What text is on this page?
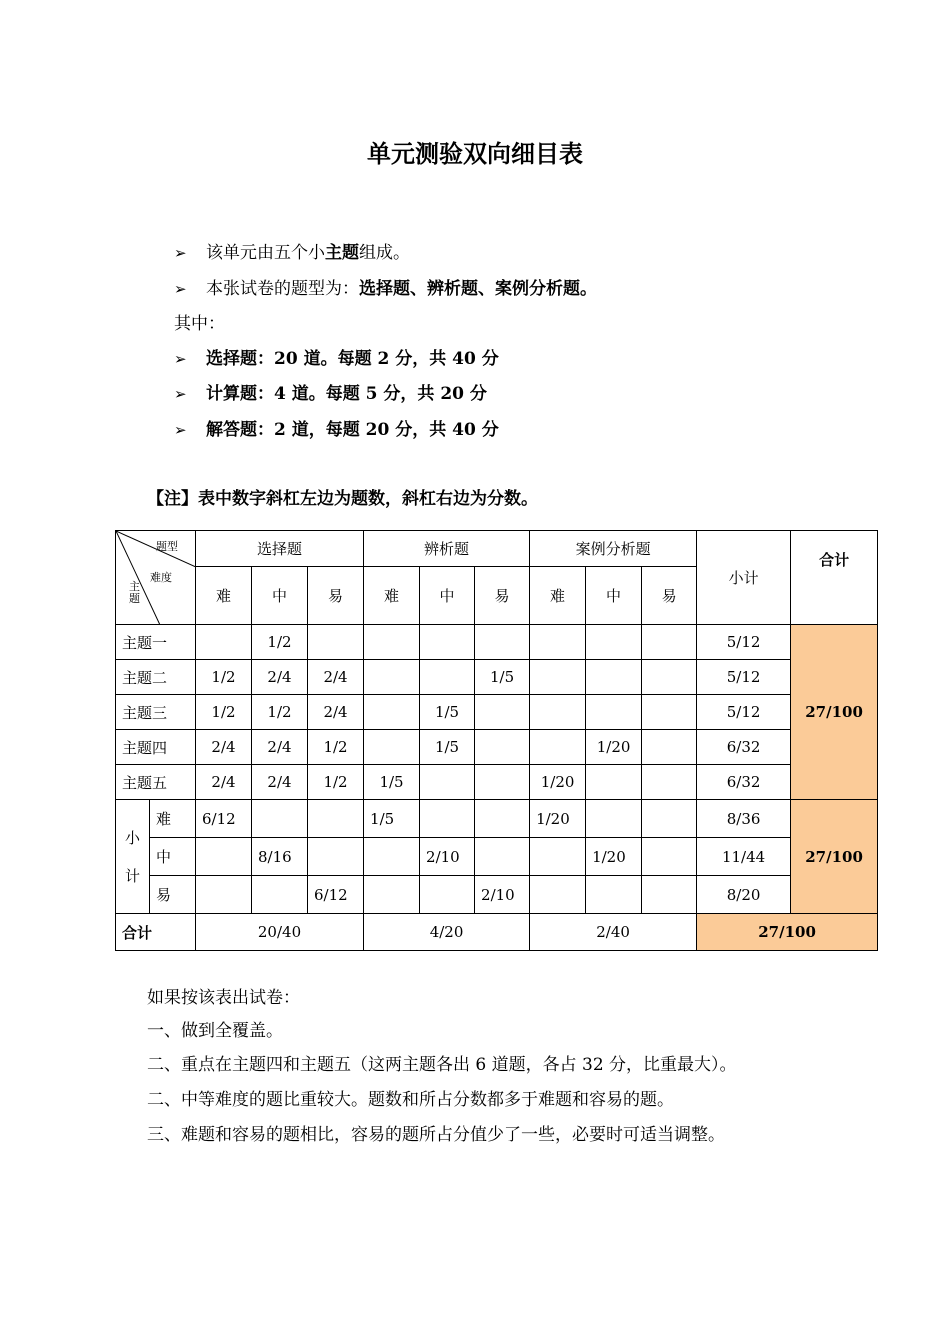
单元测验双向细目表
➢ 该单元由五个小主题组成。
➢ 本张试卷的题型为：选择题、辨析题、案例分析题。
其中：
➢ 选择题：20 道。每题 2 分，共 40 分
➢ 计算题：4 道。每题 5 分，共 20 分
➢ 解答题：2 道，每题 20 分，共 40 分
【注】表中数字斜杠左边为题数，斜杠右边为分数。
题型
难度
主题		选择题			辨析题			案例分析题			小计	合计
		难	中	易	难	中	易	难	中	易		
主题一			1/2								5/12	27/100
主题二		1/2	2/4	2/4			1/5				5/12	
主题三		1/2	1/2	2/4		1/5					5/12	
主题四		2/4	2/4	1/2		1/5			1/20		6/32	
主题五		2/4	2/4	1/2	1/5			1/20			6/32	
小
计	难	6/12			1/5			1/20			8/36	27/100
	中		8/16			2/10			1/20		11/44	
	易			6/12			2/10				8/20	
合计		20/40			4/20			2/40			27/100	
如果按该表出试卷：
一、做到全覆盖。
二、重点在主题四和主题五（这两主题各出 6 道题，各占 32 分，比重最大）。
二、中等难度的题比重较大。题数和所占分数都多于难题和容易的题。
三、难题和容易的题相比，容易的题所占分值少了一些，必要时可适当调整。
